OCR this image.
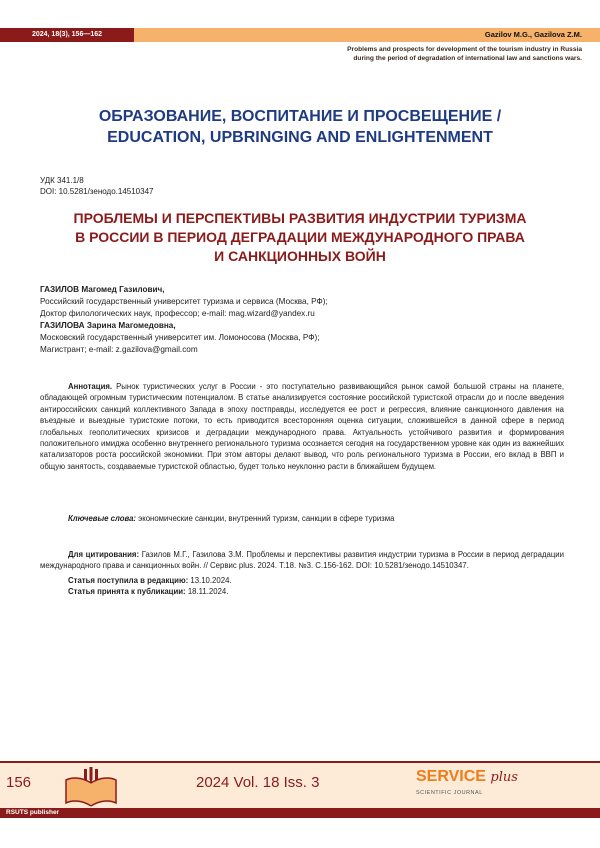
2024, 18(3), 156—162	Gazilov M.G., Gazilova Z.M.
Problems and prospects for development of the tourism industry in Russia
during the period of degradation of international law and sanctions wars.
ОБРАЗОВАНИЕ, ВОСПИТАНИЕ И ПРОСВЕЩЕНИЕ /
EDUCATION, UPBRINGING AND ENLIGHTENMENT
УДК 341.1/8
DOI: 10.5281/зенодо.14510347
ПРОБЛЕМЫ И ПЕРСПЕКТИВЫ РАЗВИТИЯ ИНДУСТРИИ ТУРИЗМА
В РОССИИ В ПЕРИОД ДЕГРАДАЦИИ МЕЖДУНАРОДНОГО ПРАВА
И САНКЦИОННЫХ ВОЙН
ГАЗИЛОВ Магомед Газилович,
Российский государственный университет туризма и сервиса (Москва, РФ);
Доктор филологических наук, профессор; e-mail: mag.wizard@yandex.ru
ГАЗИЛОВА Зарина Магомедовна,
Московский государственный университет им. Ломоносова (Москва, РФ);
Магистрант; e-mail: z.gazilova@gmail.com
Аннотация. Рынок туристических услуг в России - это поступательно развивающийся рынок самой большой страны на планете, обладающей огромным туристическим потенциалом. В статье анализируется состояние российской туристской отрасли до и после введения антироссийских санкций коллективного Запада в эпоху постправды, исследуется ее рост и регрессия, влияние санкционного давления на въездные и выездные туристские потоки, то есть приводится всесторонняя оценка ситуации, сложившейся в данной сфере в период глобальных геополитических кризисов и деградации международного права. Актуальность устойчивого развития и формирования положительного имиджа особенно внутреннего регионального туризма осознается сегодня на государственном уровне как один из важнейших катализаторов роста российской экономики. При этом авторы делают вывод, что роль регионального туризма в России, его вклад в ВВП и общую занятость, создаваемые туристской областью, будет только неуклонно расти в ближайшем будущем.
Ключевые слова: экономические санкции, внутренний туризм, санкции в сфере туризма
Для цитирования: Газилов М.Г., Газилова З.М. Проблемы и перспективы развития индустрии туризма в России в период деградации международного права и санкционных войн. // Сервис plus. 2024. Т.18. №3. С.156-162. DOI: 10.5281/зенодо.14510347.
Статья поступила в редакцию: 13.10.2024.
Статья принята к публикации: 18.11.2024.
156	2024 Vol. 18 Iss. 3	SERVICE plus
SCIENTIFIC JOURNAL
RSUTS publisher
